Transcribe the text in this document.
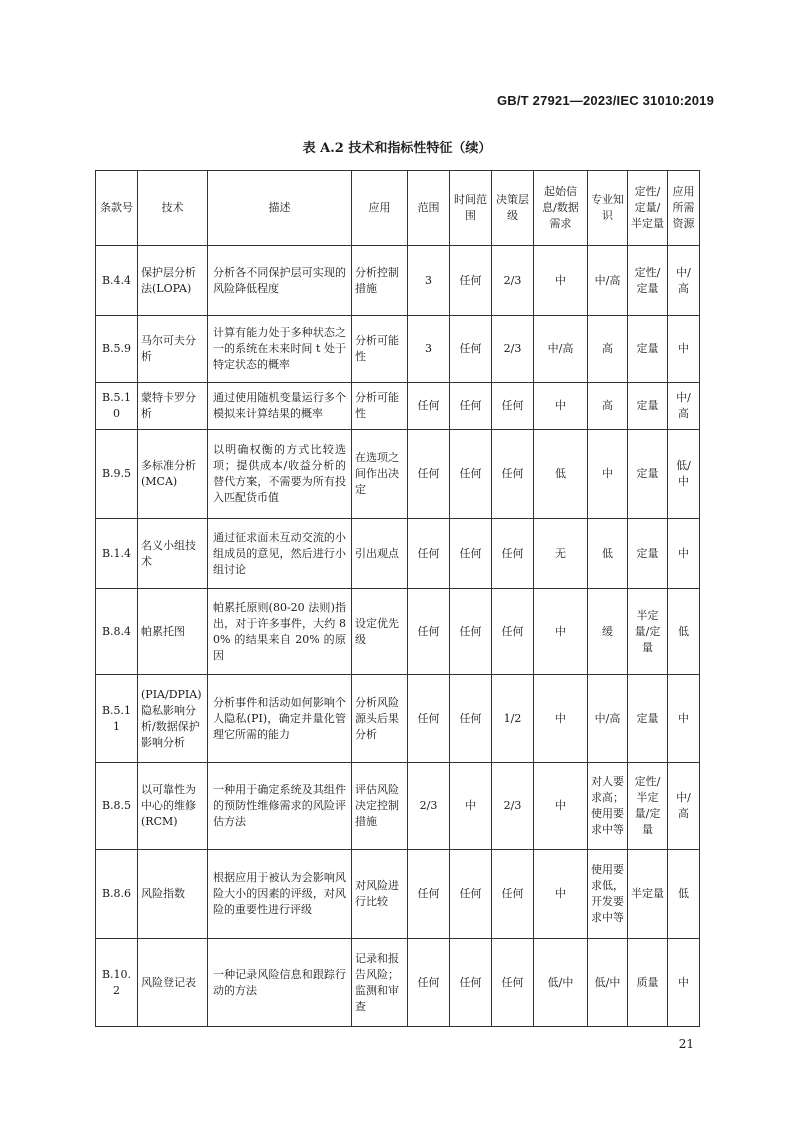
GB/T 27921—2023/IEC 31010:2019
表 A.2 技术和指标性特征（续）
条款号	技术	描述	应用	范围	时间范围	决策层级	起始信息/数据需求	专业知识	定性/定量/半定量	应用所需资源
B.4.4	保护层分析法(LOPA)	分析各不同保护层可实现的风险降低程度	分析控制措施	3	任何	2/3	中	中/高	定性/定量	中/高
B.5.9	马尔可夫分析	计算有能力处于多种状态之一的系统在未来时间 t 处于特定状态的概率	分析可能性	3	任何	2/3	中/高	高	定量	中
B.5.10	蒙特卡罗分析	通过使用随机变量运行多个模拟来计算结果的概率	分析可能性	任何	任何	任何	中	高	定量	中/高
B.9.5	多标准分析(MCA)	以明确权衡的方式比较选项；提供成本/收益分析的替代方案，不需要为所有投入匹配货币值	在选项之间作出决定	任何	任何	任何	低	中	定量	低/中
B.1.4	名义小组技术	通过征求面未互动交流的小组成员的意见，然后进行小组讨论	引出观点	任何	任何	任何	无	低	定量	中
B.8.4	帕累托图	帕累托原则(80-20 法则)指出，对于许多事件，大约 80% 的结果来自 20% 的原因	设定优先级	任何	任何	任何	中	缓	半定量/定量	低
B.5.11	(PIA/DPIA)隐私影响分析/数据保护影响分析	分析事件和活动如何影响个人隐私(PI)，确定并量化管理它所需的能力	分析风险源头后果分析	任何	任何	1/2	中	中/高	定量	中
B.8.5	以可靠性为中心的维修(RCM)	一种用于确定系统及其组件的预防性维修需求的风险评估方法	评估风险决定控制措施	2/3	中	2/3	中	对人要求高；使用要求中等	定性/半定量/定量	中/高
B.8.6	风险指数	根据应用于被认为会影响风险大小的因素的评级，对风险的重要性进行评级	对风险进行比较	任何	任何	任何	中	使用要求低，开发要求中等	半定量	低
B.10.2	风险登记表	一种记录风险信息和跟踪行动的方法	记录和报告风险；监测和审查	任何	任何	任何	低/中	低/中	质量	中
21
